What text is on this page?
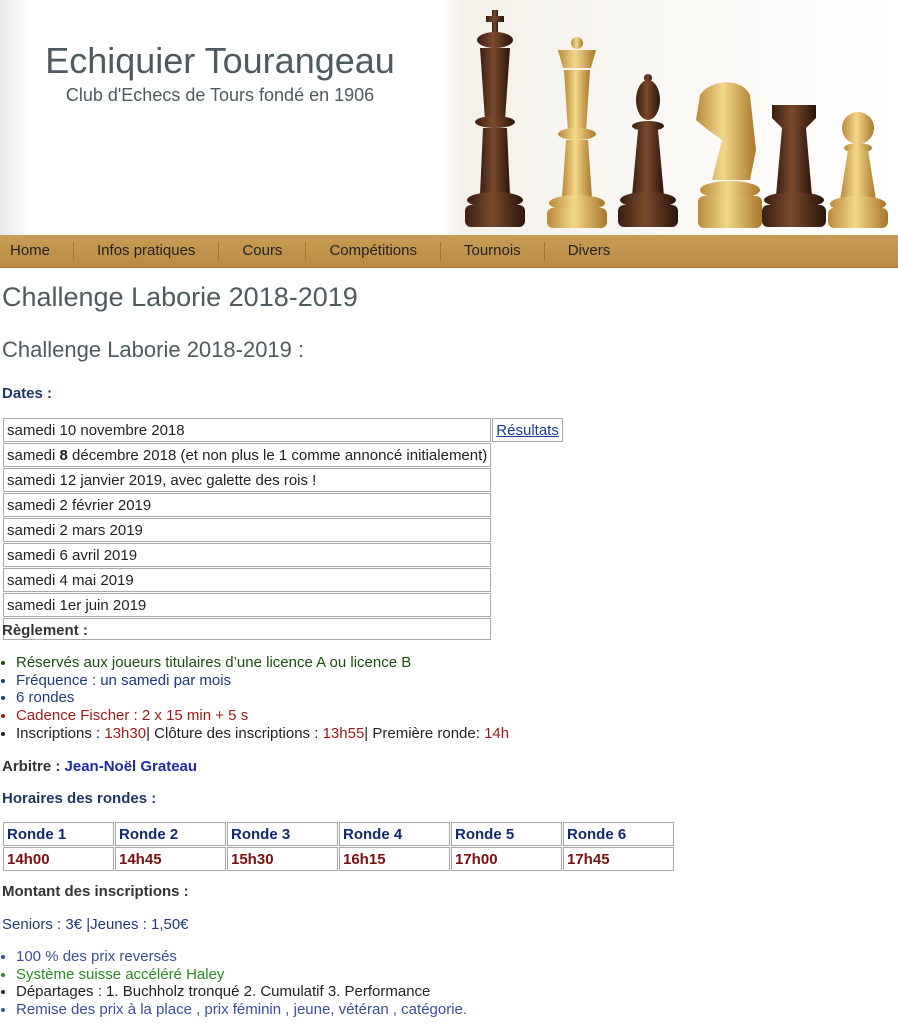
Echiquier Tourangeau
Club d'Echecs de Tours fondé en 1906
Home	Infos pratiques	Cours	Compétitions	Tournois	Divers
Challenge Laborie 2018-2019
Challenge Laborie 2018-2019 :
Dates :
samedi 10 novembre 2018	Résultats
samedi 8 décembre 2018 (et non plus le 1 comme annoncé initialement)	
samedi 12 janvier 2019, avec galette des rois !	
samedi 2 février 2019	
samedi 2 mars 2019	
samedi 6 avril 2019	
samedi 4 mai 2019	
samedi 1er juin 2019	

Règlement :
• Réservés aux joueurs titulaires d’une licence A ou licence B
• Fréquence : un samedi par mois
• 6 rondes
• Cadence Fischer : 2 x 15 min + 5 s
• Inscriptions : 13h30| Clôture des inscriptions : 13h55| Première ronde: 14h
Arbitre : Jean-Noël Grateau
Horaires des rondes :
Ronde 1	Ronde 2	Ronde 3	Ronde 4	Ronde 5	Ronde 6
14h00	14h45	15h30	16h15	17h00	17h45
Montant des inscriptions :
Seniors : 3€ |Jeunes : 1,50€
• 100 % des prix reversés
• Système suisse accéléré Haley
• Départages : 1. Buchholz tronqué 2. Cumulatif 3. Performance
• Remise des prix à la place , prix féminin , jeune, vétéran , catégorie.
